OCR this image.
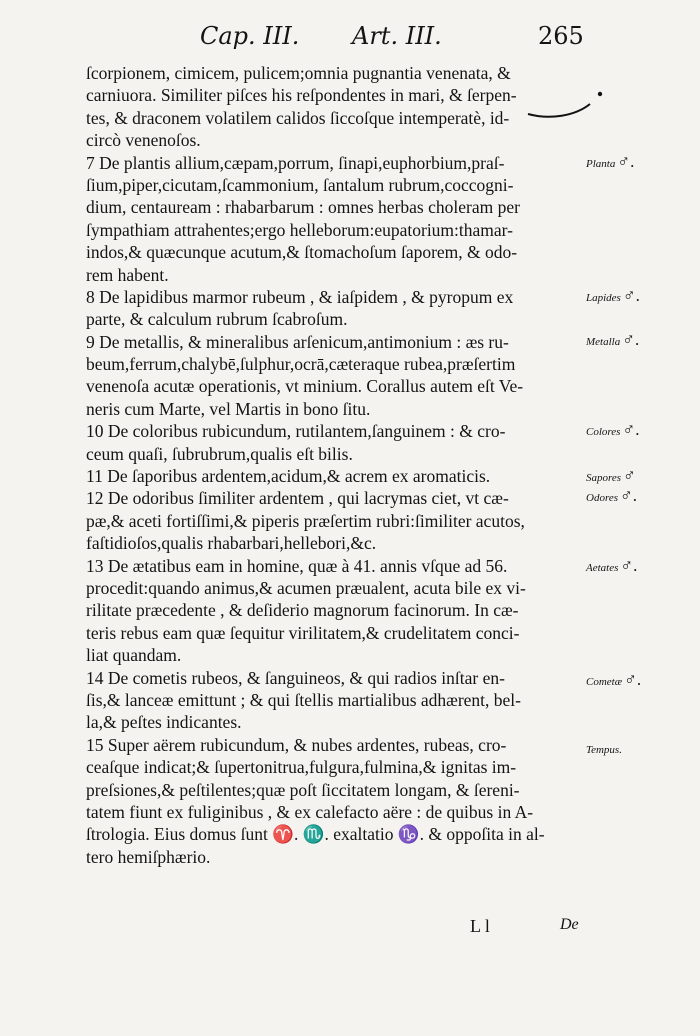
Cap. III. Art. III.	265
ſcorpionem, cimicem, pulicem;omnia pugnantia venenata, &
carniuora. Similiter piſces his reſpondentes in mari, & ſerpen-
tes, & draconem volatilem calidos ſiccoſque intemperatè, id-
circò venenoſos.
7 De plantis allium,cæpam,porrum, ſinapi,euphorbium,praſ-
ſium,piper,cicutam,ſcammonium, ſantalum rubrum,coccogni-
dium, centauream : rhabarbarum : omnes herbas choleram per
ſympathiam attrahentes;ergo helleborum:eupatorium:thamar-
indos,& quæcunque acutum,& ſtomachoſum ſaporem, & odo-
rem habent.
8 De lapidibus marmor rubeum , & iaſpidem , & pyropum ex
parte, & calculum rubrum ſcabroſum.
9 De metallis, & mineralibus arſenicum,antimonium : æs ru-
beum,ferrum,chalybē,ſulphur,ocrā,cæteraque rubea,præſertim
venenoſa acutæ operationis, vt minium. Corallus autem eſt Ve-
neris cum Marte, vel Martis in bono ſitu.
10 De coloribus rubicundum, rutilantem,ſanguinem : & cro-
ceum quaſi, ſubrubrum,qualis eſt bilis.
11 De ſaporibus ardentem,acidum,& acrem ex aromaticis.
12 De odoribus ſimiliter ardentem , qui lacrymas ciet, vt cæ-
pæ,& aceti fortiſſimi,& piperis præſertim rubri:ſimiliter acutos,
faſtidioſos,qualis rhabarbari,hellebori,&c.
13 De ætatibus eam in homine, quæ à 41. annis vſque ad 56.
procedit:quando animus,& acumen præualent, acuta bile ex vi-
rilitate præcedente , & deſiderio magnorum facinorum. In cæ-
teris rebus eam quæ ſequitur virilitatem,& crudelitatem conci-
liat quandam.
14 De cometis rubeos, & ſanguineos, & qui radios inſtar en-
ſis,& lanceæ emittunt ; & qui ſtellis martialibus adhærent, bel-
la,& peſtes indicantes.
15 Super aërem rubicundum, & nubes ardentes, rubeas, cro-
ceaſque indicat;& ſupertonitrua,fulgura,fulmina,& ignitas im-
preſsiones,& peſtilentes;quæ poſt ſiccitatem longam, & ſereni-
tatem fiunt ex fuliginibus , & ex calefacto aëre : de quibus in A-
ſtrologia. Eius domus ſunt ♈. ♏. exaltatio ♑. & oppoſita in al-
tero hemiſphærio.
Planta ♂.
Lapides ♂.
Metalla ♂.
Colores ♂.
Sapores ♂
Odores ♂.
Aetates ♂.
Cometæ ♂.
Tempus.
L l	De
